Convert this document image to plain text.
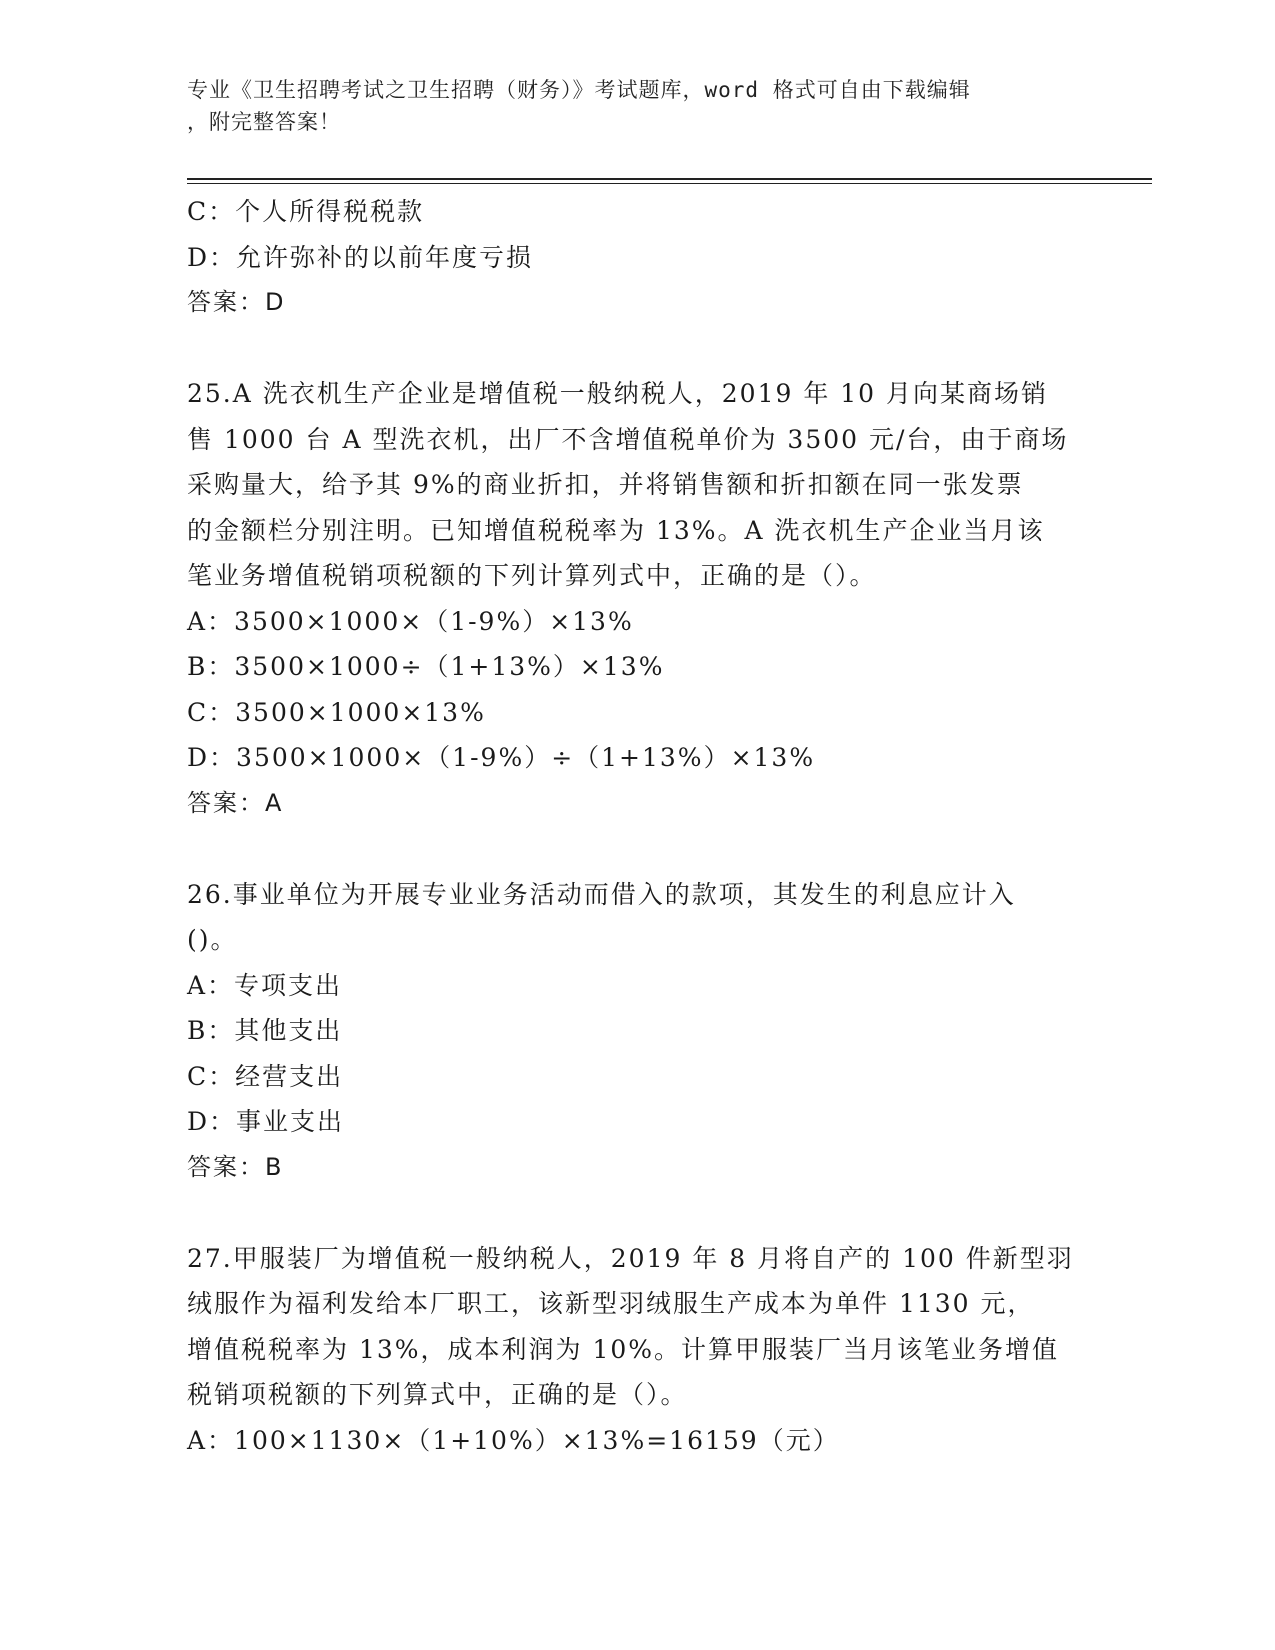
专业《卫生招聘考试之卫生招聘（财务）》考试题库，word 格式可自由下载编辑
，附完整答案！
C：个人所得税税款
D：允许弥补的以前年度亏损
答案：D
25.A 洗衣机生产企业是增值税一般纳税人，2019 年 10 月向某商场销
售 1000 台 A 型洗衣机，出厂不含增值税单价为 3500 元/台，由于商场
采购量大，给予其 9%的商业折扣，并将销售额和折扣额在同一张发票
的金额栏分别注明。已知增值税税率为 13%。A 洗衣机生产企业当月该
笔业务增值税销项税额的下列计算列式中，正确的是（）。
A：3500×1000×（1-9%）×13%
B：3500×1000÷（1+13%）×13%
C：3500×1000×13%
D：3500×1000×（1-9%）÷（1+13%）×13%
答案：A
26.事业单位为开展专业业务活动而借入的款项，其发生的利息应计入
()。
A：专项支出
B：其他支出
C：经营支出
D：事业支出
答案：B
27.甲服装厂为增值税一般纳税人，2019 年 8 月将自产的 100 件新型羽
绒服作为福利发给本厂职工，该新型羽绒服生产成本为单件 1130 元，
增值税税率为 13%，成本利润为 10%。计算甲服装厂当月该笔业务增值
税销项税额的下列算式中，正确的是（）。
A：100×1130×（1+10%）×13%=16159（元）
